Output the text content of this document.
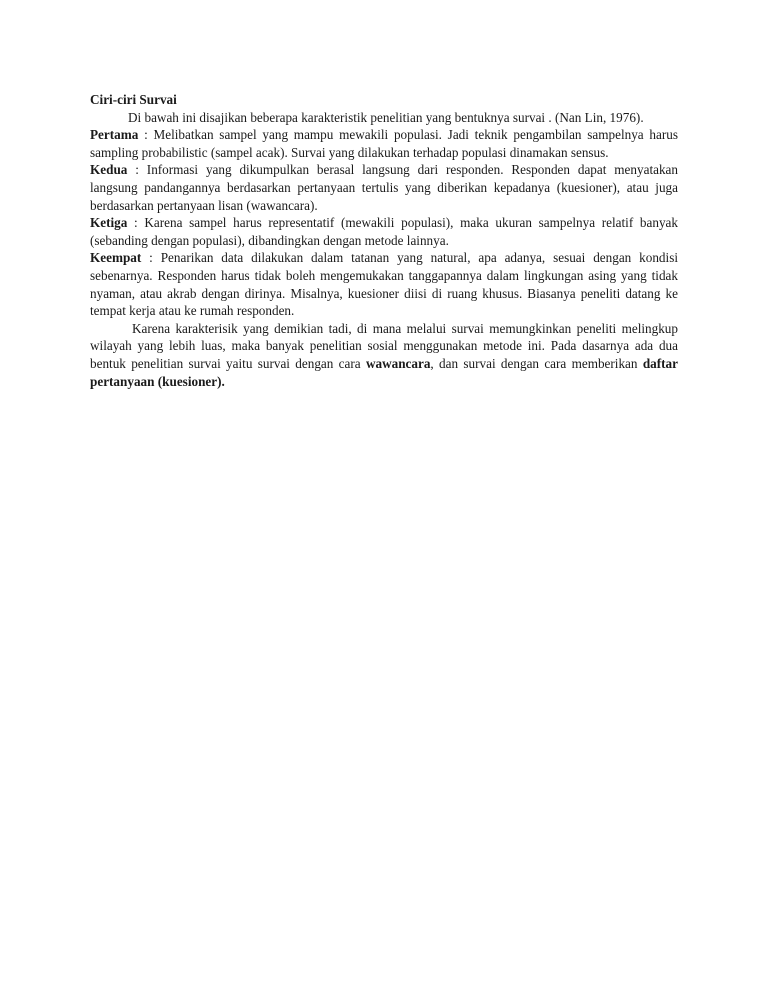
Ciri-ciri Survai

Di bawah ini disajikan beberapa karakteristik penelitian yang bentuknya survai . (Nan Lin, 1976).

Pertama : Melibatkan sampel yang mampu mewakili populasi. Jadi teknik pengambilan sampelnya harus sampling probabilistic (sampel acak). Survai yang dilakukan terhadap populasi dinamakan sensus.

Kedua : Informasi yang dikumpulkan berasal langsung dari responden. Responden dapat menyatakan langsung pandangannya berdasarkan pertanyaan tertulis yang diberikan kepadanya (kuesioner), atau juga berdasarkan pertanyaan lisan (wawancara).

Ketiga : Karena sampel harus representatif (mewakili populasi), maka ukuran sampelnya relatif banyak (sebanding dengan populasi), dibandingkan dengan metode lainnya.

Keempat : Penarikan data dilakukan dalam tatanan yang natural, apa adanya, sesuai dengan kondisi sebenarnya. Responden harus tidak boleh mengemukakan tanggapannya dalam lingkungan asing yang tidak nyaman, atau akrab dengan dirinya. Misalnya, kuesioner diisi di ruang khusus. Biasanya peneliti datang ke tempat kerja atau ke rumah responden.

Karena karakterisik yang demikian tadi, di mana melalui survai memungkinkan peneliti melingkup wilayah yang lebih luas, maka banyak penelitian sosial menggunakan metode ini. Pada dasarnya ada dua bentuk penelitian survai yaitu survai dengan cara wawancara, dan survai dengan cara memberikan daftar pertanyaan (kuesioner).
